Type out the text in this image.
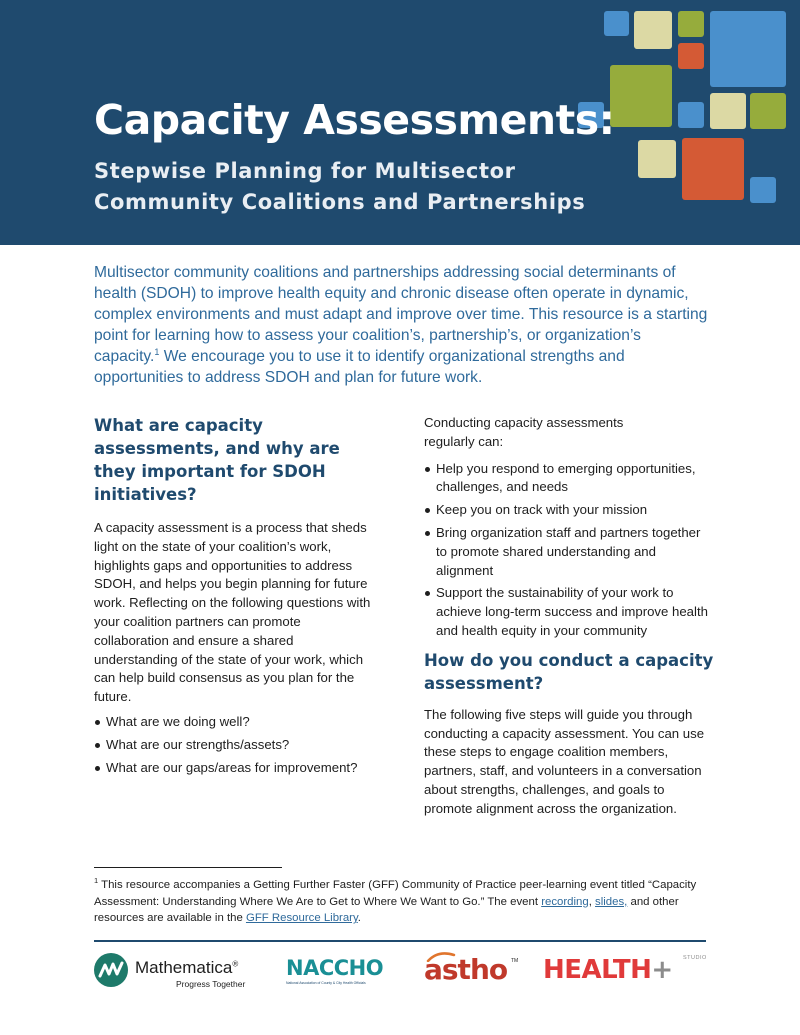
Capacity Assessments:
Stepwise Planning for Multisector Community Coalitions and Partnerships

Multisector community coalitions and partnerships addressing social determinants of health (SDOH) to improve health equity and chronic disease often operate in dynamic, complex environments and must adapt and improve over time. This resource is a starting point for learning how to assess your coalition’s, partnership’s, or organization’s capacity.$^1$ We encourage you to use it to identify organizational strengths and opportunities to address SDOH and plan for future work.

What are capacity assessments, and why are they important for SDOH initiatives?

A capacity assessment is a process that sheds light on the state of your coalition’s work, highlights gaps and opportunities to address SDOH, and helps you begin planning for future work. Reflecting on the following questions with your coalition partners can promote collaboration and ensure a shared understanding of the state of your work, which can help build consensus as you plan for the future.

What are we doing well?
What are our strengths/assets?
What are our gaps/areas for improvement?

Conducting capacity assessments regularly can:

Help you respond to emerging opportunities, challenges, and needs
Keep you on track with your mission
Bring organization staff and partners together to promote shared understanding and alignment
Support the sustainability of your work to achieve long-term success and improve health and health equity in your community
How do you conduct a capacity assessment?

The following five steps will guide you through conducting a capacity assessment. You can use these steps to engage coalition members, partners, staff, and volunteers in a conversation about strengths, challenges, and goals to promote alignment across the organization.

$^1$ This resource accompanies a Getting Further Faster (GFF) Community of Practice peer-learning event titled “Capacity Assessment: Understanding Where We Are to Get to Where We Want to Go.” The event recording, slides, and other resources are available in the GFF Resource Library.

Mathematica®
Progress Together
NACCHO
National Association of County & City Health Officials astho TM HEALTH+ STUDIO
